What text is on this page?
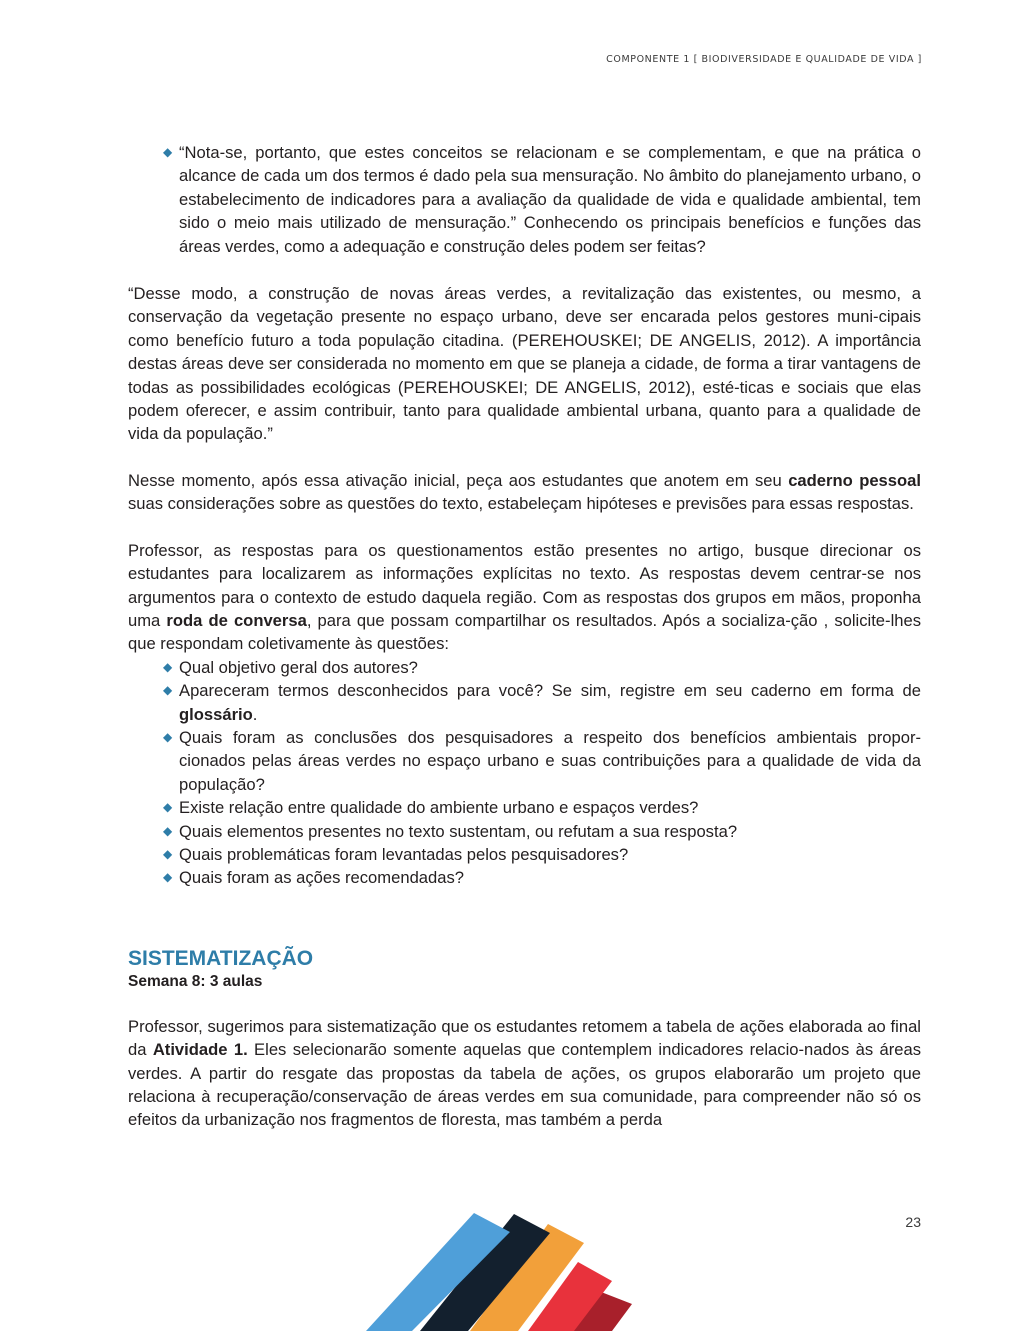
COMPONENTE 1 [ BIODIVERSIDADE E QUALIDADE DE VIDA ]
◆ “Nota-se, portanto, que estes conceitos se relacionam e se complementam, e que na prática o alcance de cada um dos termos é dado pela sua mensuração. No âmbito do planejamento urbano, o estabelecimento de indicadores para a avaliação da qualidade de vida e qualidade ambiental, tem sido o meio mais utilizado de mensuração.” Conhecendo os principais benefícios e funções das áreas verdes, como a adequação e construção deles podem ser feitas?

“Desse modo, a construção de novas áreas verdes, a revitalização das existentes, ou mesmo, a conservação da vegetação presente no espaço urbano, deve ser encarada pelos gestores muni-cipais como benefício futuro a toda população citadina. (PEREHOUSKEI; DE ANGELIS, 2012). A importância destas áreas deve ser considerada no momento em que se planeja a cidade, de forma a tirar vantagens de todas as possibilidades ecológicas (PEREHOUSKEI; DE ANGELIS, 2012), esté-ticas e sociais que elas podem oferecer, e assim contribuir, tanto para qualidade ambiental urbana, quanto para a qualidade de vida da população.”

Nesse momento, após essa ativação inicial, peça aos estudantes que anotem em seu caderno pessoal suas considerações sobre as questões do texto, estabeleçam hipóteses e previsões para essas respostas.

Professor, as respostas para os questionamentos estão presentes no artigo, busque direcionar os estudantes para localizarem as informações explícitas no texto. As respostas devem centrar-se nos argumentos para o contexto de estudo daquela região. Com as respostas dos grupos em mãos, proponha uma roda de conversa, para que possam compartilhar os resultados. Após a socializa-ção , solicite-lhes que respondam coletivamente às questões:

◆ Qual objetivo geral dos autores?
◆ Apareceram termos desconhecidos para você? Se sim, registre em seu caderno em forma de glossário.
◆ Quais foram as conclusões dos pesquisadores a respeito dos benefícios ambientais propor-cionados pelas áreas verdes no espaço urbano e suas contribuições para a qualidade de vida da população?
◆ Existe relação entre qualidade do ambiente urbano e espaços verdes?
◆ Quais elementos presentes no texto sustentam, ou refutam a sua resposta?
◆ Quais problemáticas foram levantadas pelos pesquisadores?
◆ Quais foram as ações recomendadas?
SISTEMATIZAÇÃO
Semana 8: 3 aulas

Professor, sugerimos para sistematização que os estudantes retomem a tabela de ações elaborada ao final da Atividade 1. Eles selecionarão somente aquelas que contemplem indicadores relacio-nados às áreas verdes. A partir do resgate das propostas da tabela de ações, os grupos elaborarão um projeto que relaciona à recuperação/conservação de áreas verdes em sua comunidade, para compreender não só os efeitos da urbanização nos fragmentos de floresta, mas também a perda

23
